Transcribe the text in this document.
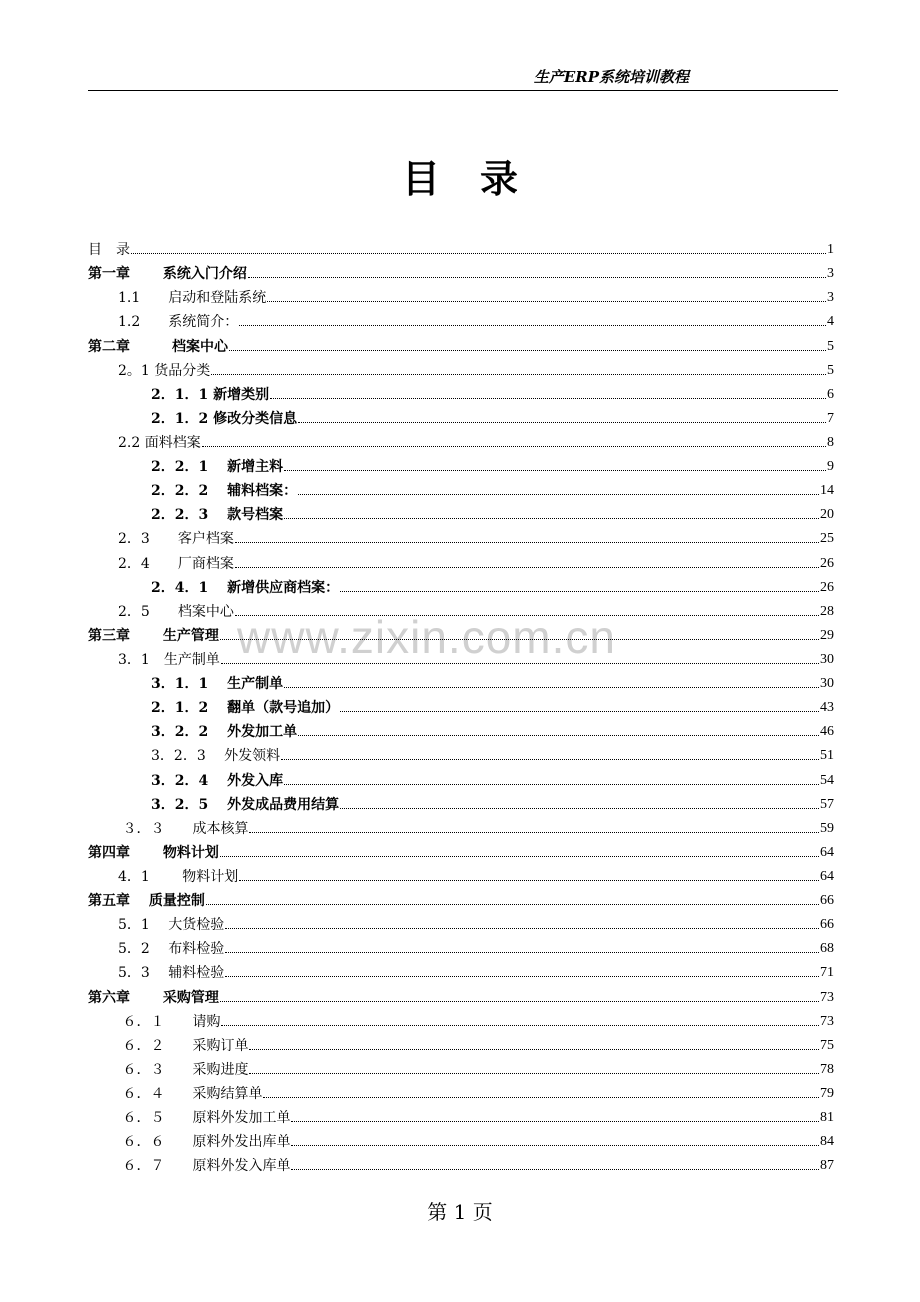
生产ERP系统培训教程
目录
www.zixin.com.cn
目　录	1
第一章　　 系统入门介绍	3
1.1　　启动和登陆系统	3
1.2　　系统简介：	4
第二章　　　档案中心	5
2。1 货品分类	5
2．1．1 新增类别	6
2．1．2 修改分类信息	7
2.2 面料档案	8
2．2．1　 新增主料	9
2．2．2　 辅料档案：	14
2．2．3　 款号档案	20
2．3　　客户档案	25
2．4　　厂商档案	26
2．4．1　 新增供应商档案：	26
2．5　　档案中心	28
第三章　　 生产管理	29
3．1　生产制单	30
3．1．1　 生产制单	30
2．1．2　 翻单（款号追加）	43
3．2．2　 外发加工单	46
3．2．3　 外发领料	51
3．2．4　 外发入库	54
3．2．5　 外发成品费用结算	57
３．３　　成本核算	59
第四章　　 物料计划	64
4．1　　 物料计划	64
第五章　 质量控制	66
5．1　 大货检验	66
5．2　 布料检验	68
5．3　 辅料检验	71
第六章　　 采购管理	73
６．１　　请购	73
６．２　　采购订单	75
６．３　　采购进度	78
６．４　　采购结算单	79
６．５　　原料外发加工单	81
６．６　　原料外发出库单	84
６．７　　原料外发入库单	87
第 1 页
